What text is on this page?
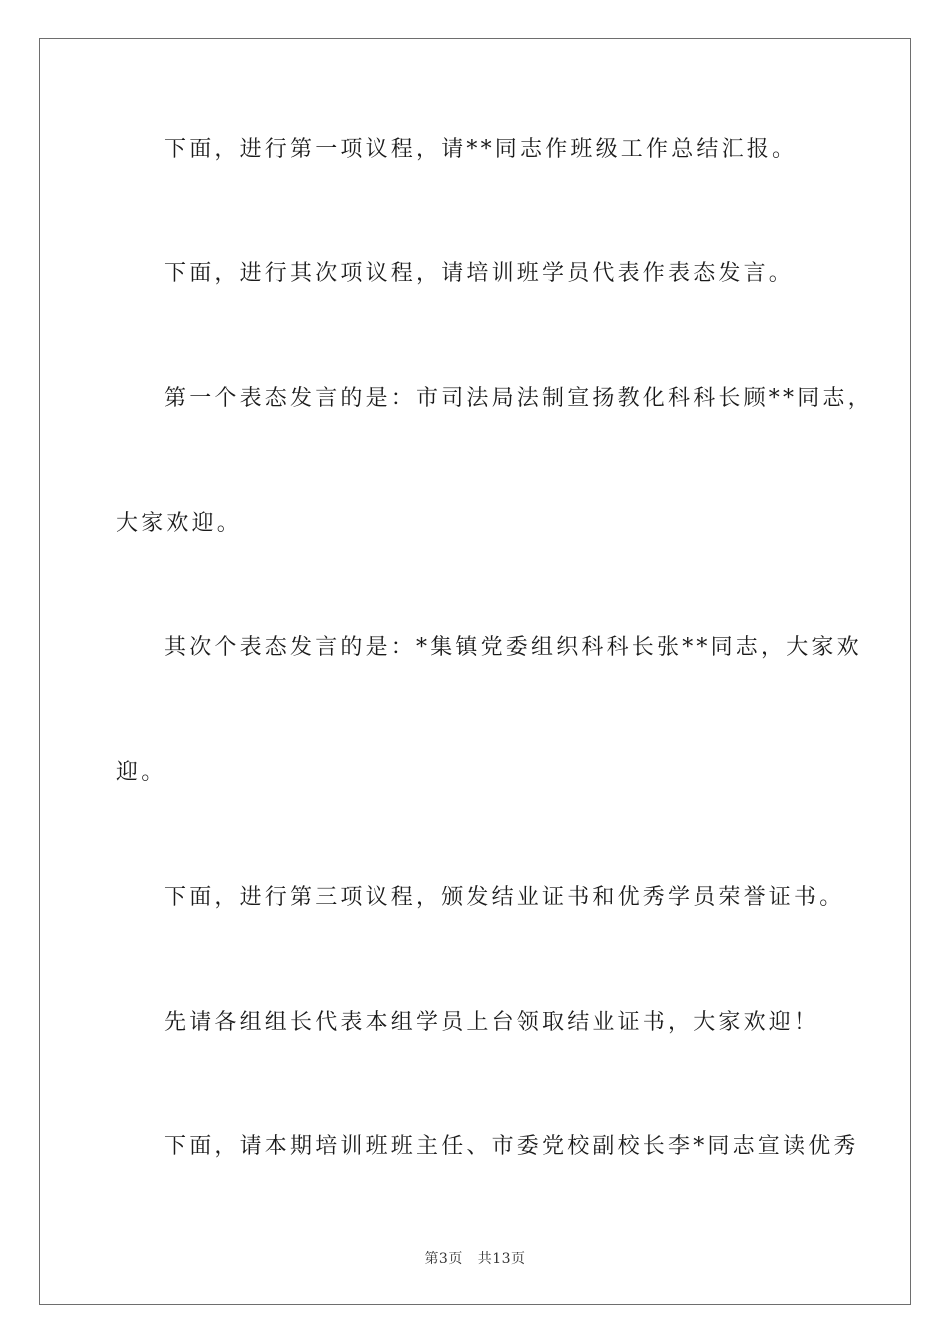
下面，进行第一项议程，请**同志作班级工作总结汇报。

下面，进行其次项议程，请培训班学员代表作表态发言。

第一个表态发言的是：市司法局法制宣扬教化科科长顾**同志，

大家欢迎。

其次个表态发言的是：*集镇党委组织科科长张**同志，大家欢

迎。

下面，进行第三项议程，颁发结业证书和优秀学员荣誉证书。

先请各组组长代表本组学员上台领取结业证书，大家欢迎！

下面，请本期培训班班主任、市委党校副校长李*同志宣读优秀

第3页 共13页
